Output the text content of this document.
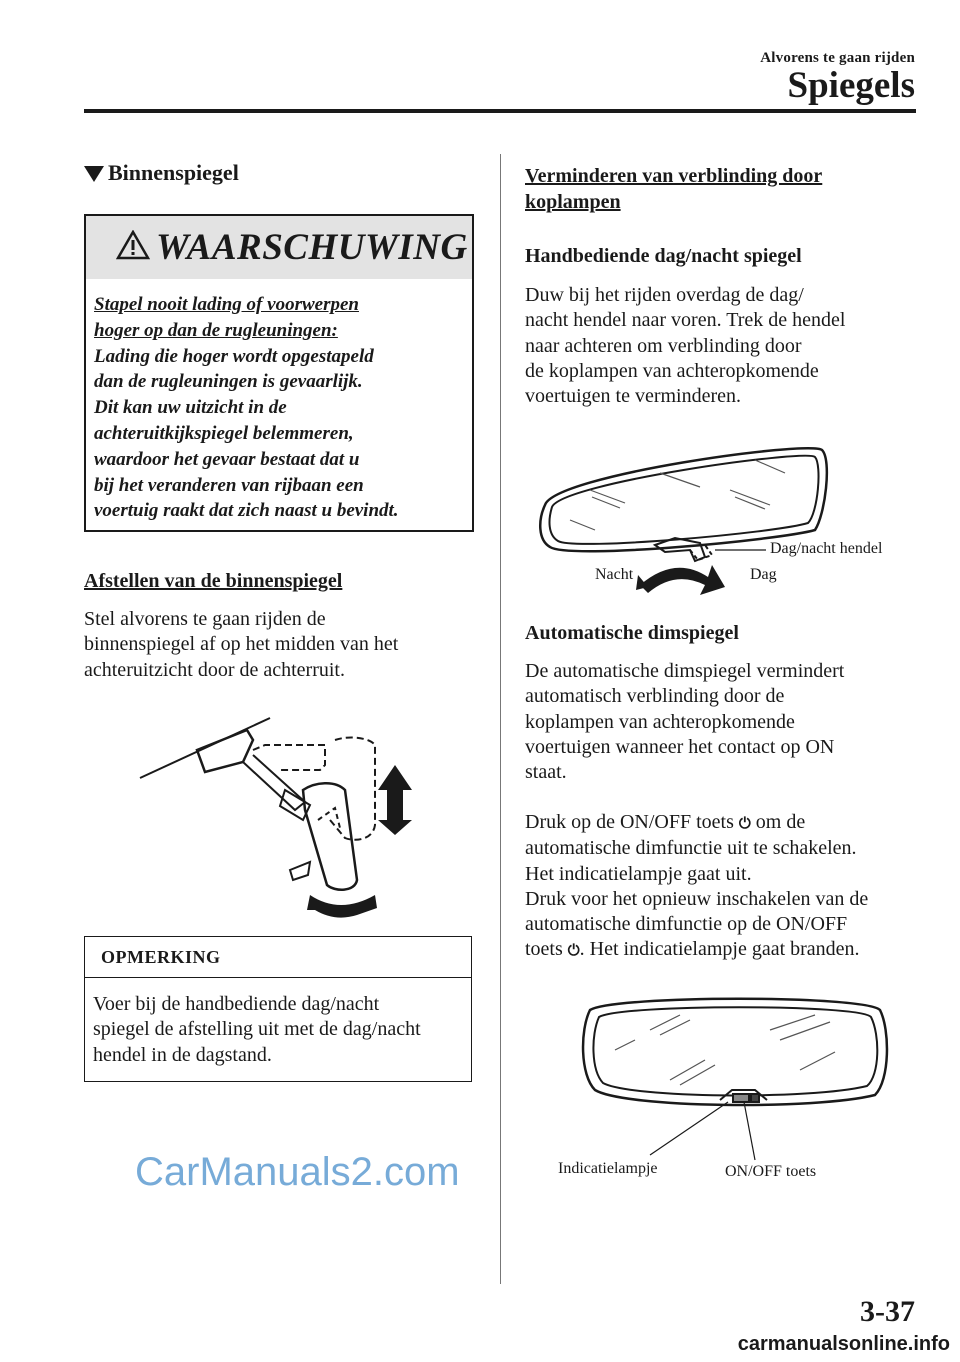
Alvorens te gaan rijden
Spiegels
Binnenspiegel
WAARSCHUWING
Stapel nooit lading of voorwerpen
hoger op dan de rugleuningen:
Lading die hoger wordt opgestapeld
dan de rugleuningen is gevaarlijk.
Dit kan uw uitzicht in de
achteruitkijkspiegel belemmeren,
waardoor het gevaar bestaat dat u
bij het veranderen van rijbaan een
voertuig raakt dat zich naast u bevindt.
Afstellen van de binnenspiegel
Stel alvorens te gaan rijden de
binnenspiegel af op het midden van het
achteruitzicht door de achterruit.
OPMERKING
Voer bij de handbediende dag/nacht
spiegel de afstelling uit met de dag/nacht
hendel in de dagstand.
Verminderen van verblinding door
koplampen
Handbediende dag/nacht spiegel
Duw bij het rijden overdag de dag/
nacht hendel naar voren. Trek de hendel
naar achteren om verblinding door
de koplampen van achteropkomende
voertuigen te verminderen.
Dag/nacht hendel
Nacht	Dag
Automatische dimspiegel
De automatische dimspiegel vermindert
automatisch verblinding door de
koplampen van achteropkomende
voertuigen wanneer het contact op ON
staat.
Druk op de ON/OFF toets ⏻ om de
automatische dimfunctie uit te schakelen.
Het indicatielampje gaat uit.
Druk voor het opnieuw inschakelen van de
automatische dimfunctie op de ON/OFF
toets ⏻. Het indicatielampje gaat branden.
Indicatielampje	ON/OFF toets
CarManuals2.com
3-37
carmanualsonline.info
